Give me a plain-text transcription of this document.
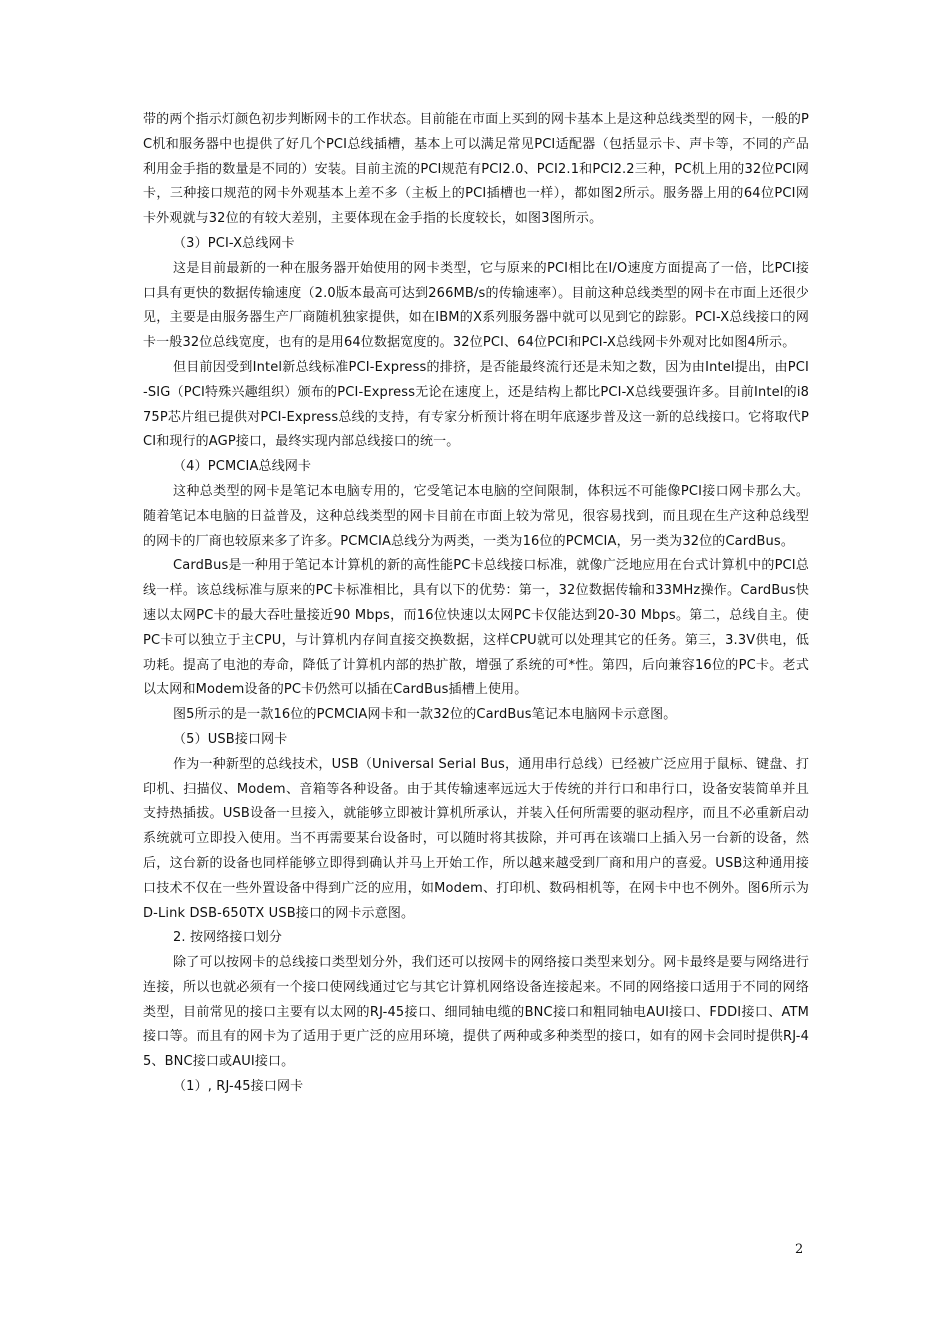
带的两个指示灯颜色初步判断网卡的工作状态。目前能在市面上买到的网卡基本上是这种总线类型的网卡，一般的PC机和服务器中也提供了好几个PCI总线插槽，基本上可以满足常见PCI适配器（包括显示卡、声卡等，不同的产品利用金手指的数量是不同的）安装。目前主流的PCI规范有PCI2.0、PCI2.1和PCI2.2三种，PC机上用的32位PCI网卡，三种接口规范的网卡外观基本上差不多（主板上的PCI插槽也一样），都如图2所示。服务器上用的64位PCI网卡外观就与32位的有较大差别，主要体现在金手指的长度较长，如图3图所示。

（3）PCI-X总线网卡

这是目前最新的一种在服务器开始使用的网卡类型，它与原来的PCI相比在I/O速度方面提高了一倍，比PCI接口具有更快的数据传输速度（2.0版本最高可达到266MB/s的传输速率）。目前这种总线类型的网卡在市面上还很少见，主要是由服务器生产厂商随机独家提供，如在IBM的X系列服务器中就可以见到它的踪影。PCI-X总线接口的网卡一般32位总线宽度，也有的是用64位数据宽度的。32位PCI、64位PCI和PCI-X总线网卡外观对比如图4所示。

但目前因受到Intel新总线标准PCI-Express的排挤，是否能最终流行还是未知之数，因为由Intel提出，由PCI-SIG（PCI特殊兴趣组织）颁布的PCI-Express无论在速度上，还是结构上都比PCI-X总线要强许多。目前Intel的i875P芯片组已提供对PCI-Express总线的支持，有专家分析预计将在明年底逐步普及这一新的总线接口。它将取代PCI和现行的AGP接口，最终实现内部总线接口的统一。

（4）PCMCIA总线网卡

这种总类型的网卡是笔记本电脑专用的，它受笔记本电脑的空间限制，体积远不可能像PCI接口网卡那么大。随着笔记本电脑的日益普及，这种总线类型的网卡目前在市面上较为常见，很容易找到，而且现在生产这种总线型的网卡的厂商也较原来多了许多。PCMCIA总线分为两类，一类为16位的PCMCIA，另一类为32位的CardBus。

CardBus是一种用于笔记本计算机的新的高性能PC卡总线接口标准，就像广泛地应用在台式计算机中的PCI总线一样。该总线标准与原来的PC卡标准相比，具有以下的优势：第一，32位数据传输和33MHz操作。CardBus快速以太网PC卡的最大吞吐量接近90 Mbps，而16位快速以太网PC卡仅能达到20-30 Mbps。第二，总线自主。使PC卡可以独立于主CPU，与计算机内存间直接交换数据，这样CPU就可以处理其它的任务。第三，3.3V供电，低功耗。提高了电池的寿命，降低了计算机内部的热扩散，增强了系统的可*性。第四，后向兼容16位的PC卡。老式以太网和Modem设备的PC卡仍然可以插在CardBus插槽上使用。

图5所示的是一款16位的PCMCIA网卡和一款32位的CardBus笔记本电脑网卡示意图。

（5）USB接口网卡

作为一种新型的总线技术，USB（Universal Serial Bus，通用串行总线）已经被广泛应用于鼠标、键盘、打印机、扫描仪、Modem、音箱等各种设备。由于其传输速率远远大于传统的并行口和串行口，设备安装简单并且支持热插拔。USB设备一旦接入，就能够立即被计算机所承认，并装入任何所需要的驱动程序，而且不必重新启动系统就可立即投入使用。当不再需要某台设备时，可以随时将其拔除，并可再在该端口上插入另一台新的设备，然后，这台新的设备也同样能够立即得到确认并马上开始工作，所以越来越受到厂商和用户的喜爱。USB这种通用接口技术不仅在一些外置设备中得到广泛的应用，如Modem、打印机、数码相机等，在网卡中也不例外。图6所示为D-Link DSB-650TX USB接口的网卡示意图。

2. 按网络接口划分

除了可以按网卡的总线接口类型划分外，我们还可以按网卡的网络接口类型来划分。网卡最终是要与网络进行连接，所以也就必须有一个接口使网线通过它与其它计算机网络设备连接起来。不同的网络接口适用于不同的网络类型，目前常见的接口主要有以太网的RJ-45接口、细同轴电缆的BNC接口和粗同轴电AUI接口、FDDI接口、ATM接口等。而且有的网卡为了适用于更广泛的应用环境，提供了两种或多种类型的接口，如有的网卡会同时提供RJ-45、BNC接口或AUI接口。

（1）, RJ-45接口网卡

2
